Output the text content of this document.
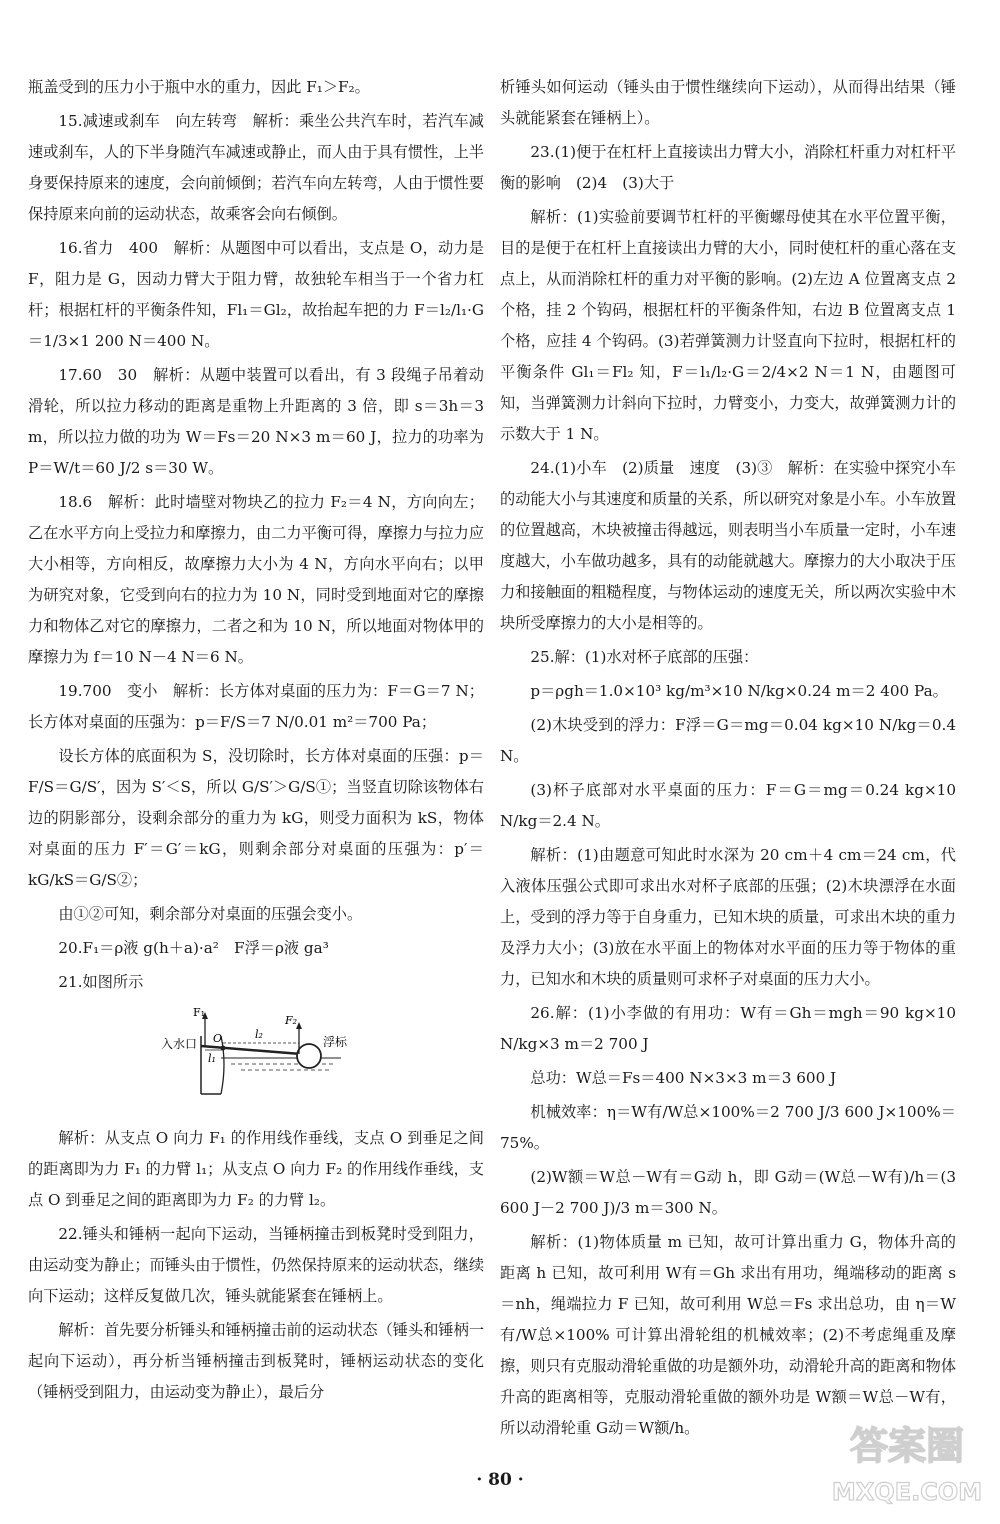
瓶盖受到的压力小于瓶中水的重力，因此 F₁＞F₂。

15.减速或刹车　向左转弯　解析：乘坐公共汽车时，若汽车减速或刹车，人的下半身随汽车减速或静止，而人由于具有惯性，上半身要保持原来的速度，会向前倾倒；若汽车向左转弯，人由于惯性要保持原来向前的运动状态，故乘客会向右倾倒。

16.省力　400　解析：从题图中可以看出，支点是 O，动力是 F，阻力是 G，因动力臂大于阻力臂，故独轮车相当于一个省力杠杆；根据杠杆的平衡条件知，Fl₁＝Gl₂，故抬起车把的力 F＝l₂/l₁·G＝1/3×1 200 N＝400 N。

17.60　30　解析：从题中装置可以看出，有 3 段绳子吊着动滑轮，所以拉力移动的距离是重物上升距离的 3 倍，即 s＝3h＝3 m，所以拉力做的功为 W＝Fs＝20 N×3 m＝60 J，拉力的功率为 P＝W/t＝60 J/2 s＝30 W。

18.6　解析：此时墙壁对物块乙的拉力 F₂＝4 N，方向向左；乙在水平方向上受拉力和摩擦力，由二力平衡可得，摩擦力与拉力应大小相等，方向相反，故摩擦力大小为 4 N，方向水平向右；以甲为研究对象，它受到向右的拉力为 10 N，同时受到地面对它的摩擦力和物体乙对它的摩擦力，二者之和为 10 N，所以地面对物体甲的摩擦力为 f＝10 N－4 N＝6 N。

19.700　变小　解析：长方体对桌面的压力为：F＝G＝7 N；长方体对桌面的压强为：p＝F/S＝7 N/0.01 m²＝700 Pa；

设长方体的底面积为 S，没切除时，长方体对桌面的压强：p＝F/S＝G/S′，因为 S′＜S，所以 G/S′＞G/S①；当竖直切除该物体右边的阴影部分，设剩余部分的重力为 kG，则受力面积为 kS，物体对桌面的压力 F′＝G′＝kG，则剩余部分对桌面的压强为：p′＝kG/kS＝G/S②；

由①②可知，剩余部分对桌面的压强会变小。

20.F₁＝ρ液 g(h＋a)·a²　F浮＝ρ液 ga³

21.如图所示

F₁
入水口 O	l₂
F₂
浮标
l₁

解析：从支点 O 向力 F₁ 的作用线作垂线，支点 O 到垂足之间的距离即为力 F₁ 的力臂 l₁；从支点 O 向力 F₂ 的作用线作垂线，支点 O 到垂足之间的距离即为力 F₂ 的力臂 l₂。

22.锤头和锤柄一起向下运动，当锤柄撞击到板凳时受到阻力，由运动变为静止；而锤头由于惯性，仍然保持原来的运动状态，继续向下运动；这样反复做几次，锤头就能紧套在锤柄上。

解析：首先要分析锤头和锤柄撞击前的运动状态（锤头和锤柄一起向下运动），再分析当锤柄撞击到板凳时，锤柄运动状态的变化（锤柄受到阻力，由运动变为静止），最后分

析锤头如何运动（锤头由于惯性继续向下运动），从而得出结果（锤头就能紧套在锤柄上）。

23.(1)便于在杠杆上直接读出力臂大小，消除杠杆重力对杠杆平衡的影响　(2)4　(3)大于

解析：(1)实验前要调节杠杆的平衡螺母使其在水平位置平衡，目的是便于在杠杆上直接读出力臂的大小，同时使杠杆的重心落在支点上，从而消除杠杆的重力对平衡的影响。(2)左边 A 位置离支点 2 个格，挂 2 个钩码，根据杠杆的平衡条件知，右边 B 位置离支点 1 个格，应挂 4 个钩码。(3)若弹簧测力计竖直向下拉时，根据杠杆的平衡条件 Gl₁＝Fl₂ 知，F＝l₁/l₂·G＝2/4×2 N＝1 N，由题图可知，当弹簧测力计斜向下拉时，力臂变小，力变大，故弹簧测力计的示数大于 1 N。

24.(1)小车　(2)质量　速度　(3)③　解析：在实验中探究小车的动能大小与其速度和质量的关系，所以研究对象是小车。小车放置的位置越高，木块被撞击得越远，则表明当小车质量一定时，小车速度越大，小车做功越多，具有的动能就越大。摩擦力的大小取决于压力和接触面的粗糙程度，与物体运动的速度无关，所以两次实验中木块所受摩擦力的大小是相等的。

25.解：(1)水对杯子底部的压强：

p＝ρgh＝1.0×10³ kg/m³×10 N/kg×0.24 m＝2 400 Pa。

(2)木块受到的浮力：F浮＝G＝mg＝0.04 kg×10 N/kg＝0.4 N。

(3)杯子底部对水平桌面的压力：F＝G＝mg＝0.24 kg×10 N/kg＝2.4 N。

解析：(1)由题意可知此时水深为 20 cm＋4 cm＝24 cm，代入液体压强公式即可求出水对杯子底部的压强；(2)木块漂浮在水面上，受到的浮力等于自身重力，已知木块的质量，可求出木块的重力及浮力大小；(3)放在水平面上的物体对水平面的压力等于物体的重力，已知水和木块的质量则可求杯子对桌面的压力大小。

26.解：(1)小李做的有用功：W有＝Gh＝mgh＝90 kg×10 N/kg×3 m＝2 700 J

总功：W总＝Fs＝400 N×3×3 m＝3 600 J

机械效率：η＝W有/W总×100%＝2 700 J/3 600 J×100%＝75%。

(2)W额＝W总－W有＝G动 h，即 G动＝(W总－W有)/h＝(3 600 J－2 700 J)/3 m＝300 N。

解析：(1)物体质量 m 已知，故可计算出重力 G，物体升高的距离 h 已知，故可利用 W有＝Gh 求出有用功，绳端移动的距离 s＝nh，绳端拉力 F 已知，故可利用 W总＝Fs 求出总功，由 η＝W有/W总×100% 可计算出滑轮组的机械效率；(2)不考虑绳重及摩擦，则只有克服动滑轮重做的功是额外功，动滑轮升高的距离和物体升高的距离相等，克服动滑轮重做的额外功是 W额＝W总－W有，所以动滑轮重 G动＝W额/h。

· 80 ·
答案圈
MXQE.COM
